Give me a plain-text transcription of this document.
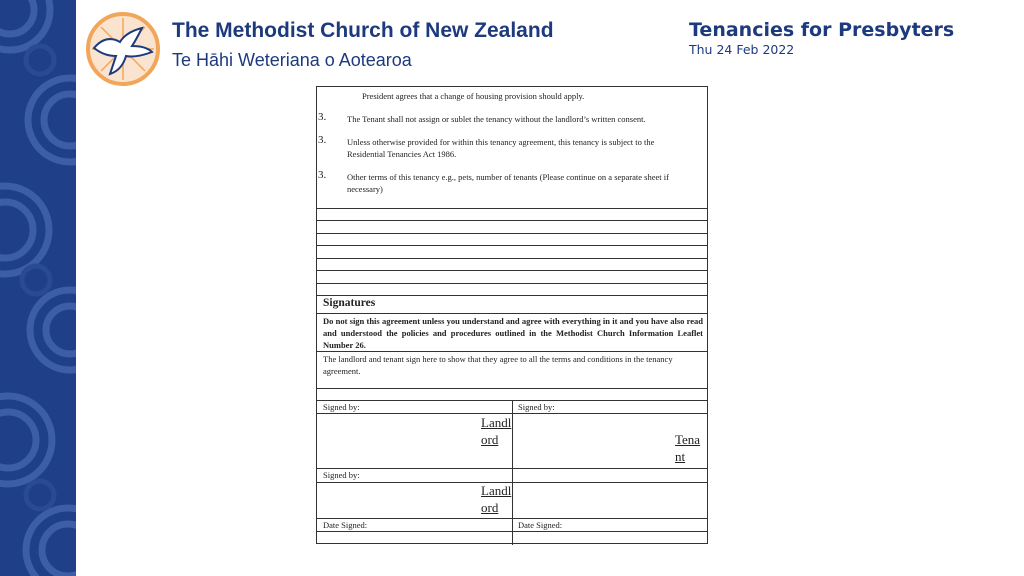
The Methodist Church of New Zealand
Te Hāhi Weteriana o Aotearoa
Tenancies for Presbyters
Thu 24 Feb 2022
President agrees that a change of housing provision should apply.
3. The Tenant shall not assign or sublet the tenancy without the landlord’s written consent.
3. Unless otherwise provided for within this tenancy agreement, this tenancy is subject to the Residential Tenancies Act 1986.
3. Other terms of this tenancy e.g., pets, number of tenants (Please continue on a separate sheet if necessary)
Signatures
Do not sign this agreement unless you understand and agree with everything in it and you have also read and understood the policies and procedures outlined in the Methodist Church Information Leaflet Number 26.
The landlord and tenant sign here to show that they agree to all the terms and conditions in the tenancy agreement.
Signed by:	Signed by:
Landl ord	Tena nt
Signed by:
Landl ord
Date Signed:	Date Signed:
